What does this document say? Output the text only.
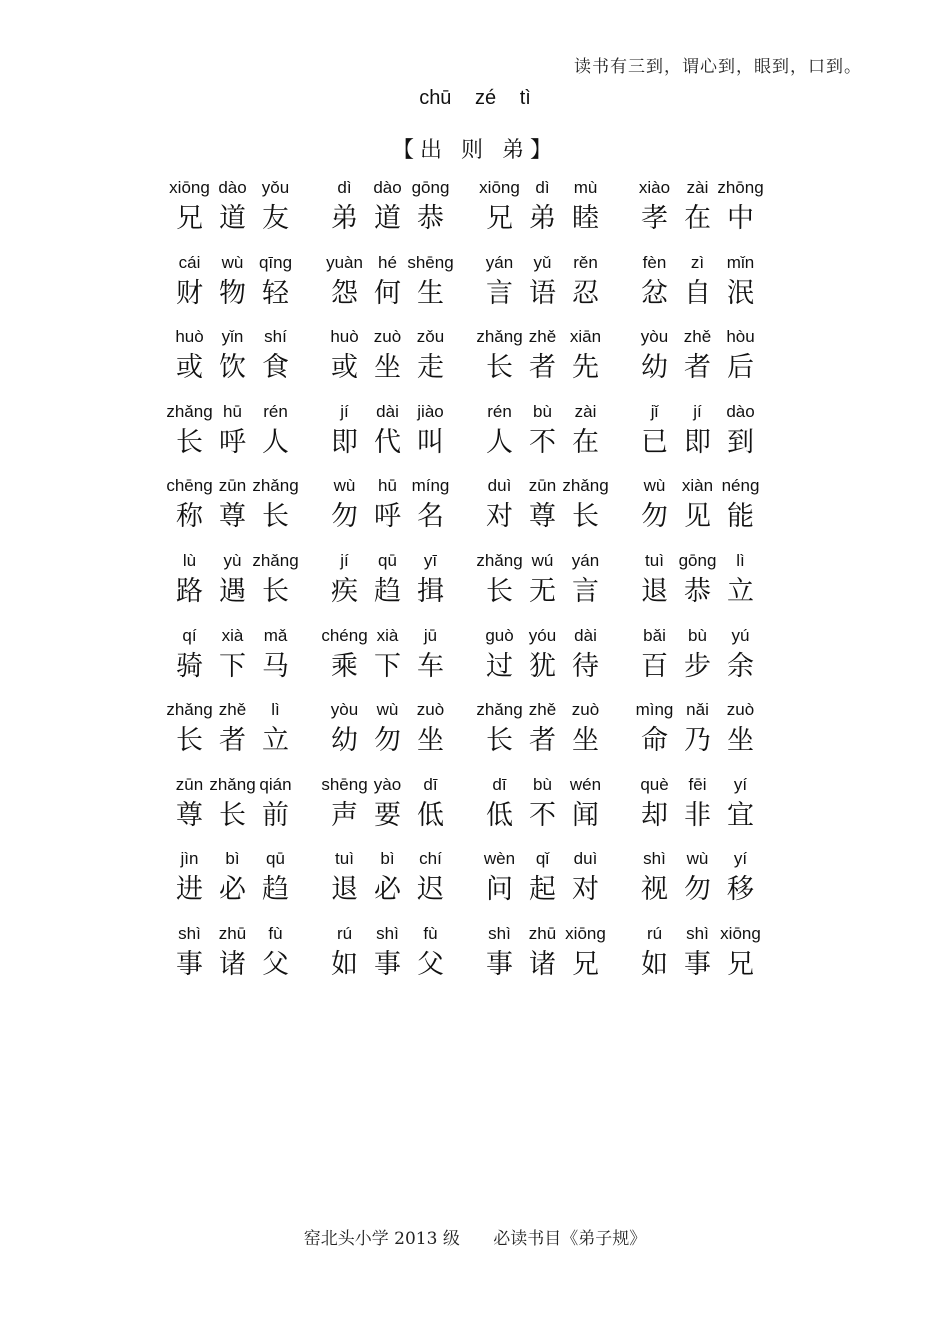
读书有三到，谓心到，眼到，口到。
chū zé tì
【出 则 弟】
xiōng
兄
dào
道
yǒu
友
dì
弟
dào
道
gōng
恭
xiōng
兄
dì
弟
mù
睦
xiào
孝
zài
在
zhōng
中
cái
财
wù
物
qīng
轻
yuàn
怨
hé
何
shēng
生
yán
言
yǔ
语
rěn
忍
fèn
忿
zì
自
mǐn
泯
huò
或
yǐn
饮
shí
食
huò
或
zuò
坐
zǒu
走
zhǎng
长
zhě
者
xiān
先
yòu
幼
zhě
者
hòu
后
zhǎng
长
hū
呼
rén
人
jí
即
dài
代
jiào
叫
rén
人
bù
不
zài
在
jǐ
已
jí
即
dào
到
chēng
称
zūn
尊
zhǎng
长
wù
勿
hū
呼
míng
名
duì
对
zūn
尊
zhǎng
长
wù
勿
xiàn
见
néng
能
lù
路
yù
遇
zhǎng
长
jí
疾
qū
趋
yī
揖
zhǎng
长
wú
无
yán
言
tuì
退
gōng
恭
lì
立
qí
骑
xià
下
mǎ
马
chéng
乘
xià
下
jū
车
guò
过
yóu
犹
dài
待
bǎi
百
bù
步
yú
余
zhǎng
长
zhě
者
lì
立
yòu
幼
wù
勿
zuò
坐
zhǎng
长
zhě
者
zuò
坐
mìng
命
nǎi
乃
zuò
坐
zūn
尊
zhǎng
长
qián
前
shēng
声
yào
要
dī
低
dī
低
bù
不
wén
闻
què
却
fēi
非
yí
宜
jìn
进
bì
必
qū
趋
tuì
退
bì
必
chí
迟
wèn
问
qǐ
起
duì
对
shì
视
wù
勿
yí
移
shì
事
zhū
诸
fù
父
rú
如
shì
事
fù
父
shì
事
zhū
诸
xiōng
兄
rú
如
shì
事
xiōng
兄
窑北头小学 2013 级 必读书目《弟子规》
